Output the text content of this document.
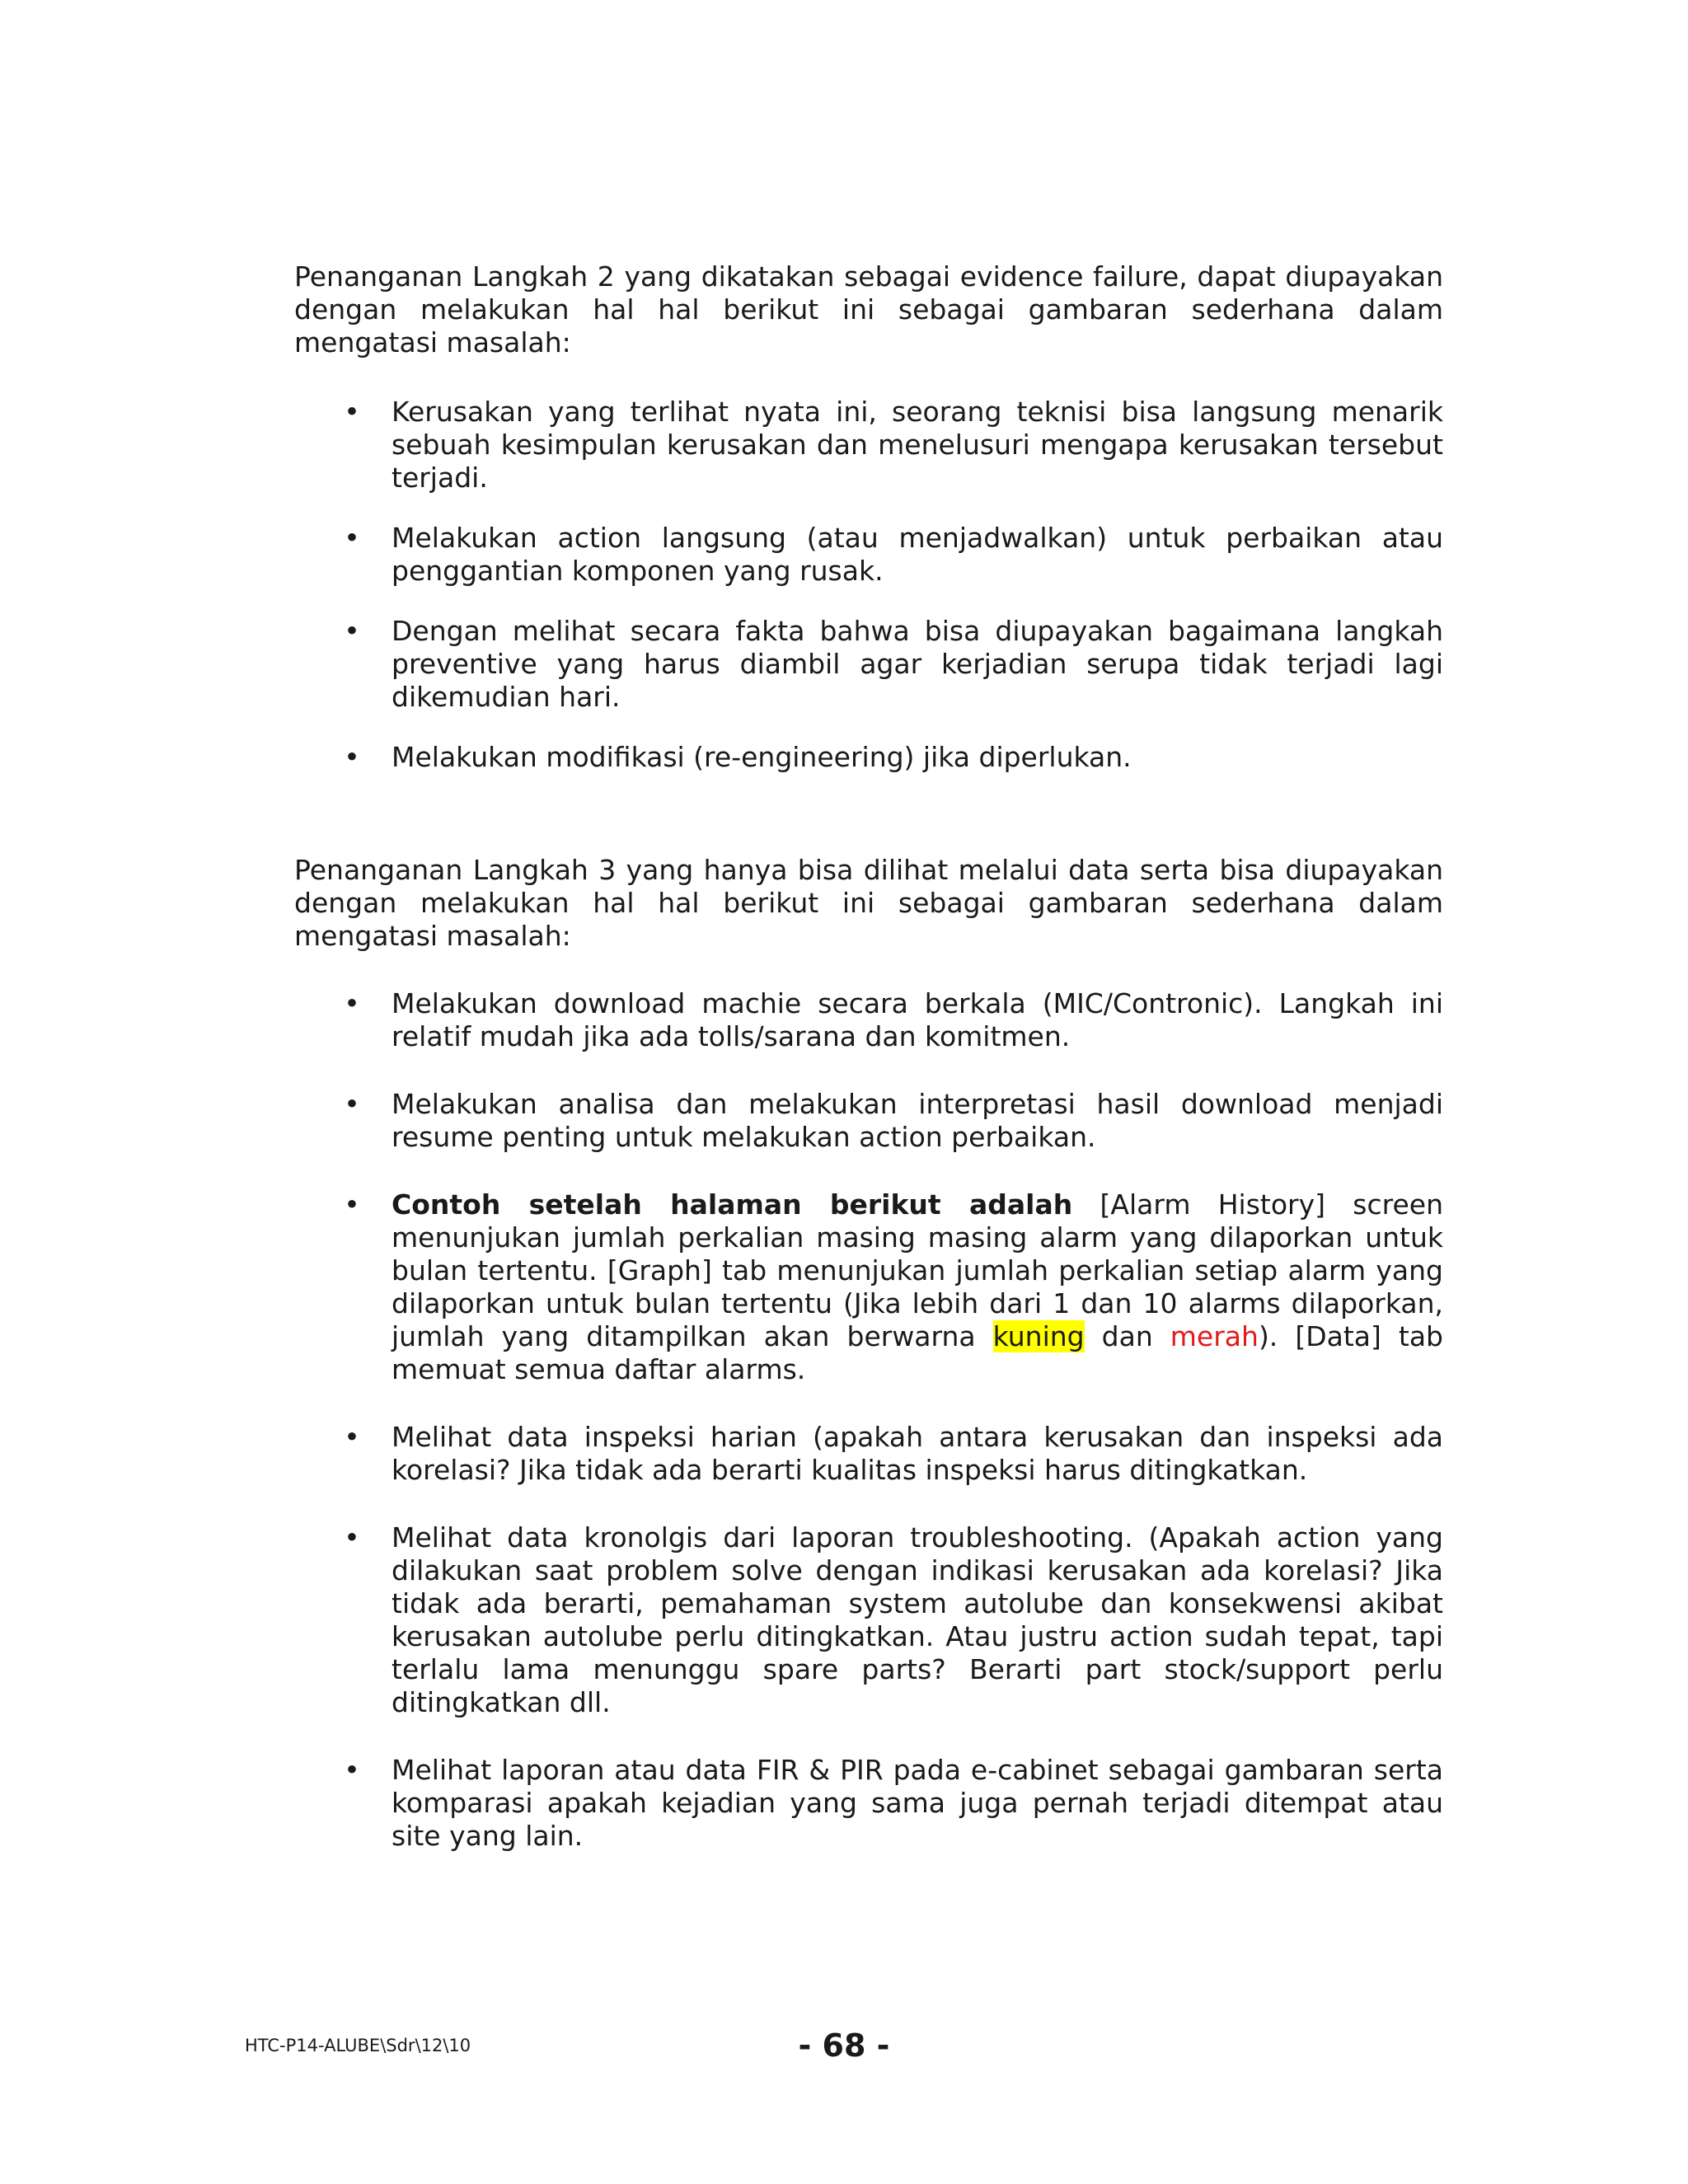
Penanganan Langkah 2 yang dikatakan sebagai evidence failure, dapat diupayakan dengan melakukan hal hal berikut ini sebagai gambaran sederhana dalam mengatasi masalah:

• Kerusakan yang terlihat nyata ini, seorang teknisi bisa langsung menarik sebuah kesimpulan kerusakan dan menelusuri mengapa kerusakan tersebut terjadi.
• Melakukan action langsung (atau menjadwalkan) untuk perbaikan atau penggantian komponen yang rusak.
• Dengan melihat secara fakta bahwa bisa diupayakan bagaimana langkah preventive yang harus diambil agar kerjadian serupa tidak terjadi lagi dikemudian hari.
• Melakukan modifikasi (re-engineering) jika diperlukan.

Penanganan Langkah 3 yang hanya bisa dilihat melalui data serta bisa diupayakan dengan melakukan hal hal berikut ini sebagai gambaran sederhana dalam mengatasi masalah:

• Melakukan download machie secara berkala (MIC/Contronic). Langkah ini relatif mudah jika ada tolls/sarana dan komitmen.
• Melakukan analisa dan melakukan interpretasi hasil download menjadi resume penting untuk melakukan action perbaikan.
• Contoh setelah halaman berikut adalah [Alarm History] screen menunjukan jumlah perkalian masing masing alarm yang dilaporkan untuk bulan tertentu. [Graph] tab menunjukan jumlah perkalian setiap alarm yang dilaporkan untuk bulan tertentu (Jika lebih dari 1 dan 10 alarms dilaporkan, jumlah yang ditampilkan akan berwarna kuning dan merah). [Data] tab memuat semua daftar alarms.
• Melihat data inspeksi harian (apakah antara kerusakan dan inspeksi ada korelasi? Jika tidak ada berarti kualitas inspeksi harus ditingkatkan.
• Melihat data kronolgis dari laporan troubleshooting. (Apakah action yang dilakukan saat problem solve dengan indikasi kerusakan ada korelasi? Jika tidak ada berarti, pemahaman system autolube dan konsekwensi akibat kerusakan autolube perlu ditingkatkan. Atau justru action sudah tepat, tapi terlalu lama menunggu spare parts? Berarti part stock/support perlu ditingkatkan dll.
• Melihat laporan atau data FIR & PIR pada e-cabinet sebagai gambaran serta komparasi apakah kejadian yang sama juga pernah terjadi ditempat atau site yang lain.
HTC-P14-ALUBE\Sdr\12\10	- 68 -
